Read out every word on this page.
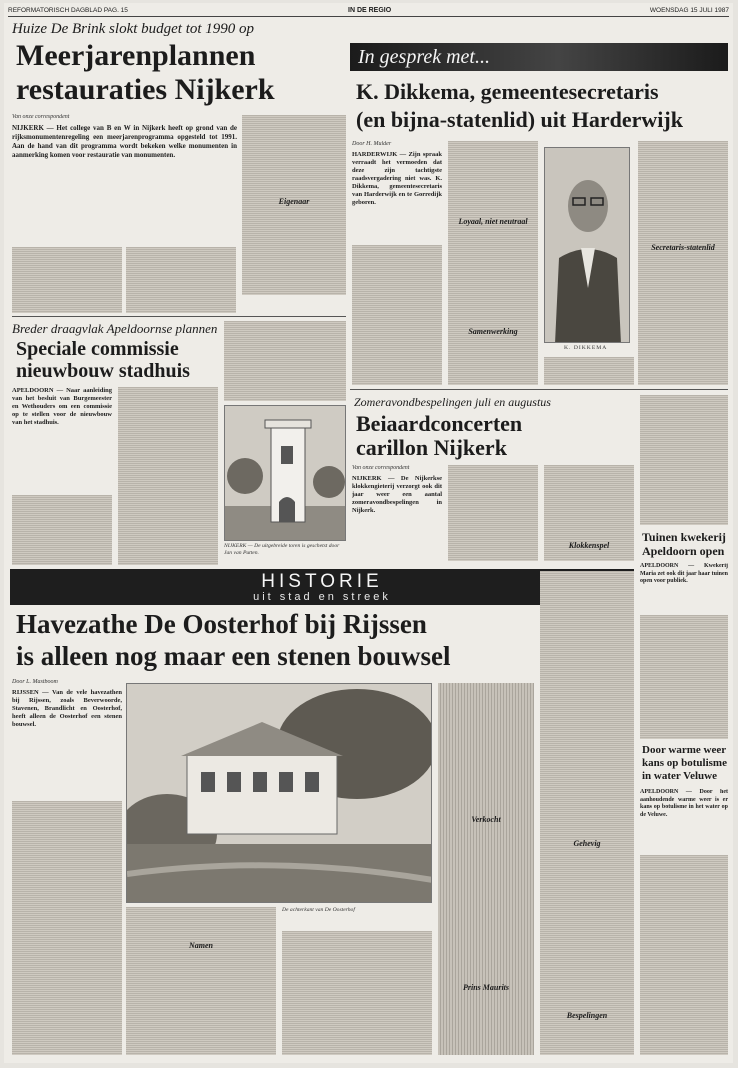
REFORMATORISCH DAGBLAD PAG. 15	IN DE REGIO	WOENSDAG 15 JULI 1987
Huize De Brink slokt budget tot 1990 op
Meerjarenplannen
restauraties Nijkerk
Van onze correspondent
NIJKERK — Het college van B en W in Nijkerk heeft op grond van de rijksmonumentenregeling een meerjarenprogramma opgesteld tot 1991. Aan de hand van dit programma wordt bekeken welke monumenten in aanmerking komen voor restauratie van monumenten.
Eigenaar
In gesprek met...
K. Dikkema, gemeentesecretaris
(en bijna-statenlid) uit Harderwijk
Door H. Mulder
HARDERWIJK — Zijn spraak verraadt het vermoeden dat deze zijn tachtigste raadsvergadering niet was. K. Dikkema, gemeentesecretaris van Harderwijk en te Gorredijk geboren.
Loyaal, niet neutraal
Samenwerking
K. DIKKEMA
Secretaris-statenlid
Breder draagvlak Apeldoornse plannen
Speciale commissie
nieuwbouw stadhuis
APELDOORN — Naar aanleiding van het besluit van Burgemeester en Wethouders om een commissie op te stellen voor de nieuwbouw van het stadhuis.
NIJKERK — De uitgebreide toren is geschetst door Jan van Putten.
Zomeravondbespelingen juli en augustus
Beiaardconcerten
carillon Nijkerk
Van onze correspondent
NIJKERK — De Nijkerkse klokkengieterij verzorgt ook dit jaar weer een aantal zomeravondbespelingen in Nijkerk.
Klokkenspel
Tuinen kwekerij
Apeldoorn open
APELDOORN — Kwekerij Maria zet ook dit jaar haar tuinen open voor publiek.
HISTORIE
uit stad en streek
Havezathe De Oosterhof bij Rijssen
is alleen nog maar een stenen bouwsel
Door L. Mastboom
RIJSSEN — Van de vele havezathen bij Rijssen, zoals Beverwoorde, Stavenen, Brandlicht en Oosterhof, heeft alleen de Oosterhof een stenen bouwsel.
Namen
De achterkant van De Oosterhof
Verkocht
Prins Maurits
Gehevig
Bespelingen
Door warme weer
kans op botulisme
in water Veluwe
APELDOORN — Door het aanhoudende warme weer is er kans op botulisme in het water op de Veluwe.
